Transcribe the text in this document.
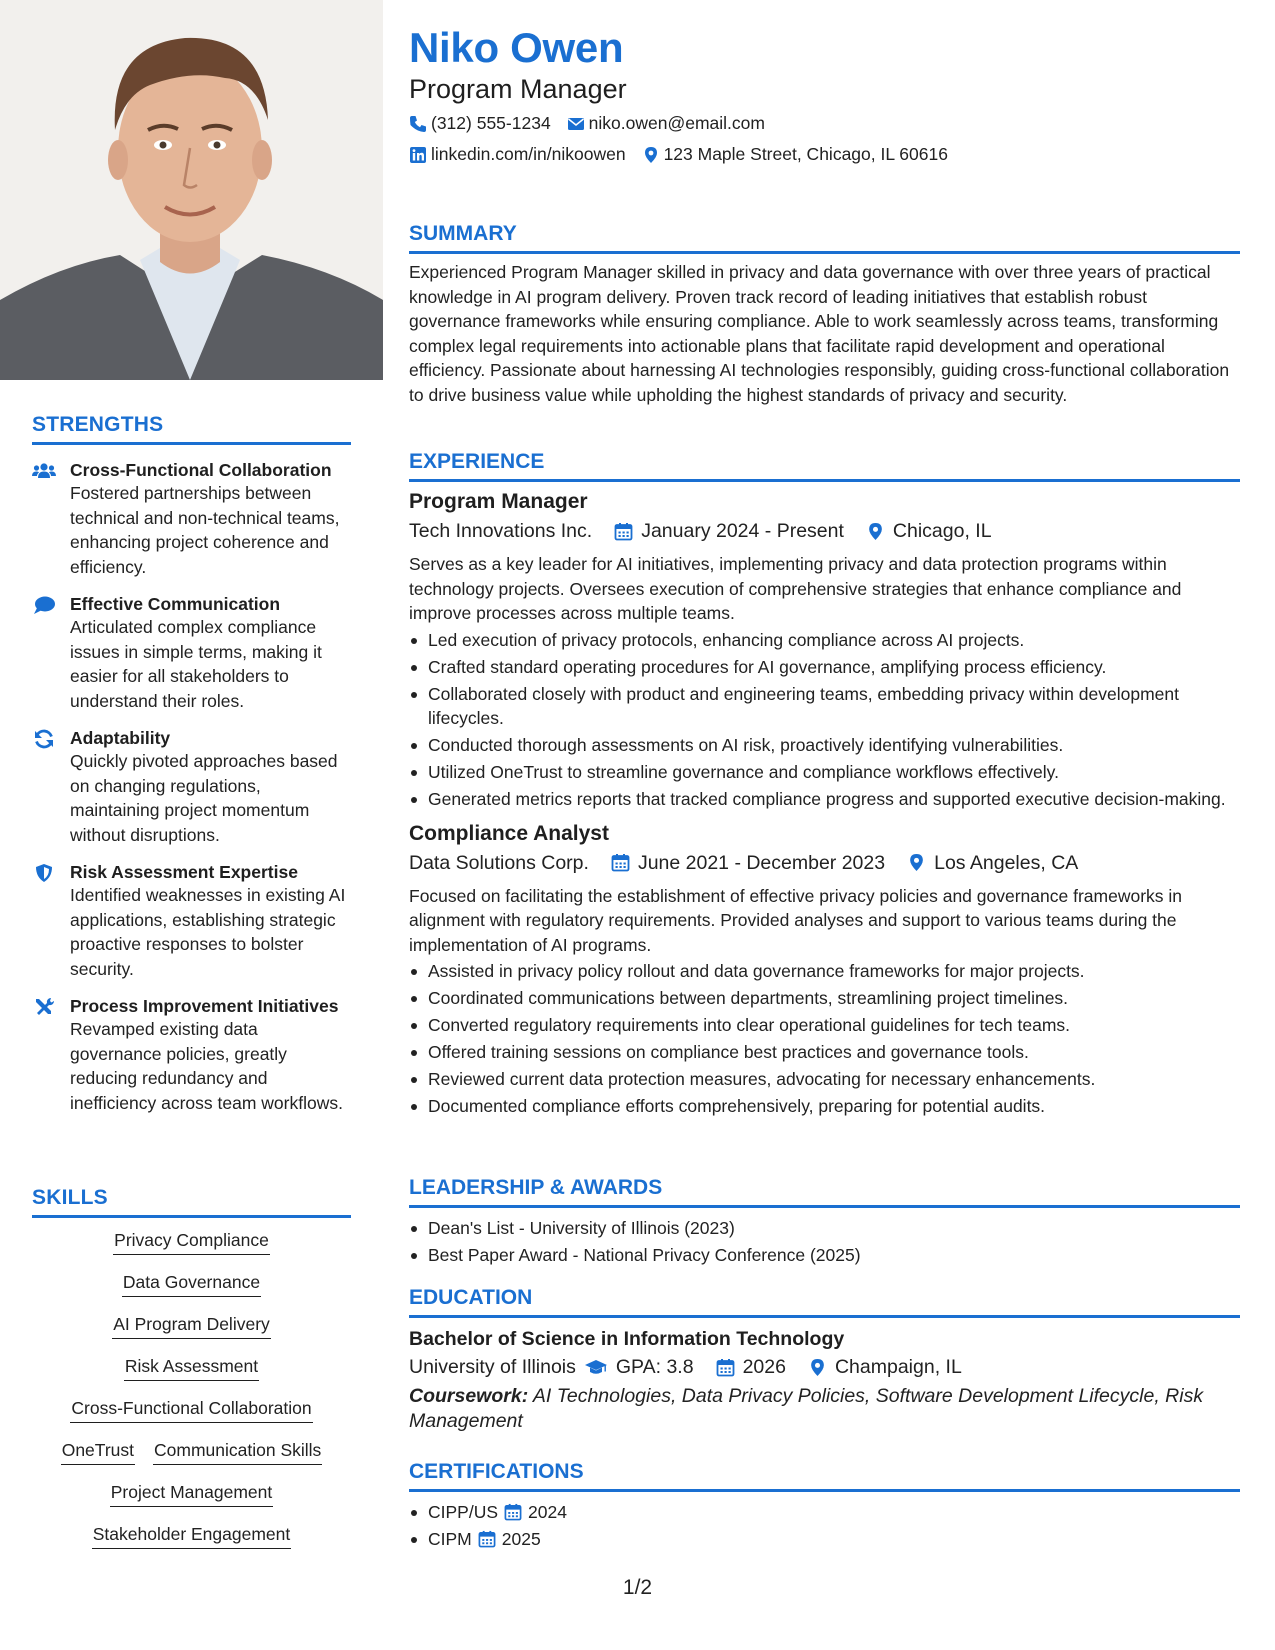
STRENGTHS
Cross-Functional Collaboration
Fostered partnerships between technical and non-technical teams, enhancing project coherence and efficiency.
Effective Communication
Articulated complex compliance issues in simple terms, making it easier for all stakeholders to understand their roles.
Adaptability
Quickly pivoted approaches based on changing regulations, maintaining project momentum without disruptions.
Risk Assessment Expertise
Identified weaknesses in existing AI applications, establishing strategic proactive responses to bolster security.
Process Improvement Initiatives
Revamped existing data governance policies, greatly reducing redundancy and inefficiency across team workflows.
SKILLS
Privacy Compliance
Data Governance
AI Program Delivery
Risk Assessment
Cross-Functional Collaboration
OneTrust Communication Skills
Project Management
Stakeholder Engagement
Niko Owen
Program Manager
(312) 555-1234 niko.owen@email.com
linkedin.com/in/nikoowen 123 Maple Street, Chicago, IL 60616
SUMMARY
Experienced Program Manager skilled in privacy and data governance with over three years of practical knowledge in AI program delivery. Proven track record of leading initiatives that establish robust governance frameworks while ensuring compliance. Able to work seamlessly across teams, transforming complex legal requirements into actionable plans that facilitate rapid development and operational efficiency. Passionate about harnessing AI technologies responsibly, guiding cross-functional collaboration to drive business value while upholding the highest standards of privacy and security.
EXPERIENCE
Program Manager
Tech Innovations Inc.	January 2024 - Present	Chicago, IL
Serves as a key leader for AI initiatives, implementing privacy and data protection programs within technology projects. Oversees execution of comprehensive strategies that enhance compliance and improve processes across multiple teams.
Led execution of privacy protocols, enhancing compliance across AI projects.
Crafted standard operating procedures for AI governance, amplifying process efficiency.
Collaborated closely with product and engineering teams, embedding privacy within development lifecycles.
Conducted thorough assessments on AI risk, proactively identifying vulnerabilities.
Utilized OneTrust to streamline governance and compliance workflows effectively.
Generated metrics reports that tracked compliance progress and supported executive decision-making.
Compliance Analyst
Data Solutions Corp.	June 2021 - December 2023	Los Angeles, CA
Focused on facilitating the establishment of effective privacy policies and governance frameworks in alignment with regulatory requirements. Provided analyses and support to various teams during the implementation of AI programs.
Assisted in privacy policy rollout and data governance frameworks for major projects.
Coordinated communications between departments, streamlining project timelines.
Converted regulatory requirements into clear operational guidelines for tech teams.
Offered training sessions on compliance best practices and governance tools.
Reviewed current data protection measures, advocating for necessary enhancements.
Documented compliance efforts comprehensively, preparing for potential audits.
LEADERSHIP & AWARDS
Dean's List - University of Illinois (2023)
Best Paper Award - National Privacy Conference (2025)
EDUCATION
Bachelor of Science in Information Technology
University of Illinois GPA: 3.8	2026	Champaign, IL
Coursework: AI Technologies, Data Privacy Policies, Software Development Lifecycle, Risk Management
CERTIFICATIONS
CIPP/US 2024
CIPM 2025
1/2
